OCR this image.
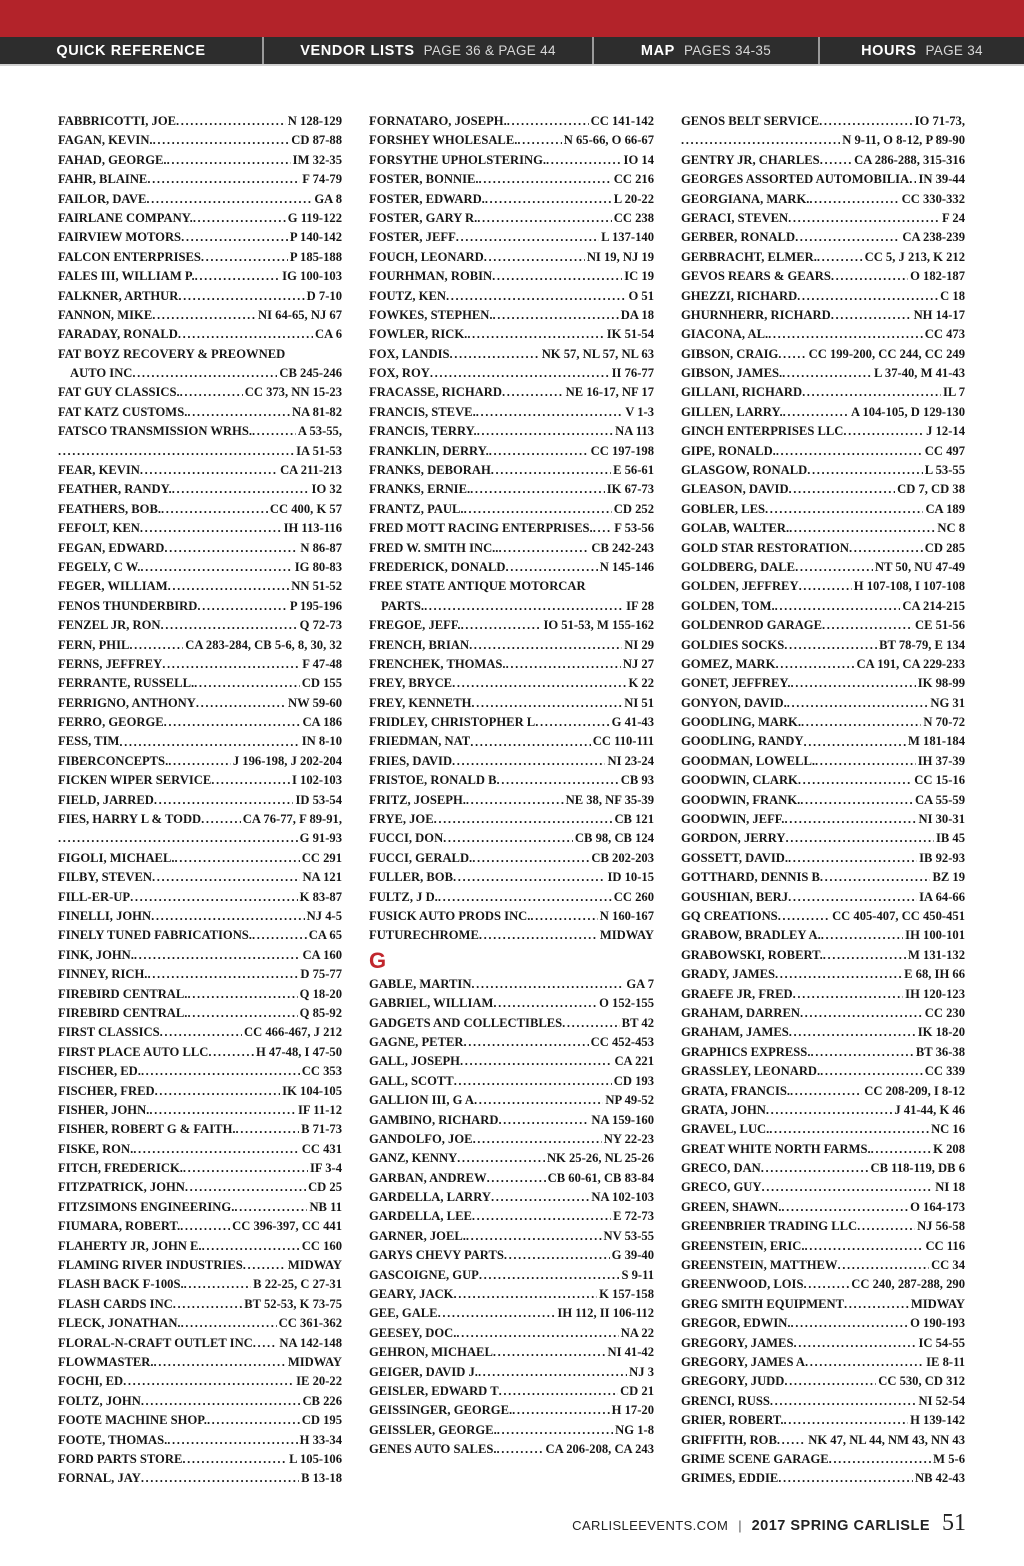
QUICK REFERENCE	VENDOR LISTS PAGE 36 & PAGE 44	MAP PAGES 34-35	HOURS PAGE 34
FABBRICOTTI, JOE .....	N 128-129
FAGAN, KEVIN. .....	CD 87-88
FAHAD, GEORGE. .....	IM 32-35
FAHR, BLAINE .....	F 74-79
FAILOR, DAVE .....	GA 8
FAIRLANE COMPANY. .....	G 119-122
FAIRVIEW MOTORS .....	P 140-142
FALCON ENTERPRISES .....	P 185-188
FALES III, WILLIAM P. .....	IG 100-103
FALKNER, ARTHUR .....	D 7-10
FANNON, MIKE .....	NI 64-65, NJ 67
FARADAY, RONALD .....	CA 6
FAT BOYZ RECOVERY & PREOWNED
AUTO INC .....	CB 245-246
FAT GUY CLASSICS. .....	CC 373, NN 15-23
FAT KATZ CUSTOMS. .....	NA 81-82
FATSCO TRANSMISSION WRHS. .....	A 53-55,
.....
IA 51-53
FEAR, KEVIN .....	CA 211-213
FEATHER, RANDY. .....	IO 32
FEATHERS, BOB. .....	CC 400, K 57
FEFOLT, KEN .....	IH 113-116
FEGAN, EDWARD .....	N 86-87
FEGELY, C W. .....	IG 80-83
FEGER, WILLIAM .....	NN 51-52
FENOS THUNDERBIRD .....	P 195-196
FENZEL JR, RON .....	Q 72-73
FERN, PHIL .....	CA 283-284, CB 5-6, 8, 30, 32
FERNS, JEFFREY .....	F 47-48
FERRANTE, RUSSELL. .....	CD 155
FERRIGNO, ANTHONY .....	NW 59-60
FERRO, GEORGE .....	CA 186
FESS, TIM .....	IN 8-10
FIBERCONCEPTS. .....	J 196-198, J 202-204
FICKEN WIPER SERVICE .....	I 102-103
FIELD, JARRED .....	ID 53-54
FIES, HARRY L & TODD .....	CA 76-77, F 89-91,
.....
G 91-93
FIGOLI, MICHAEL. .....	CC 291
FILBY, STEVEN .....	NA 121
FILL-ER-UP .....	K 83-87
FINELLI, JOHN .....	NJ 4-5
FINELY TUNED FABRICATIONS. .....	CA 65
FINK, JOHN. .....	CA 160
FINNEY, RICH. .....	D 75-77
FIREBIRD CENTRAL. .....	Q 18-20
FIREBIRD CENTRAL. .....	Q 85-92
FIRST CLASSICS .....	CC 466-467, J 212
FIRST PLACE AUTO LLC .....	H 47-48, I 47-50
FISCHER, ED. .....	CC 353
FISCHER, FRED .....	IK 104-105
FISHER, JOHN. .....	IF 11-12
FISHER, ROBERT G & FAITH. .....	B 71-73
FISKE, RON. .....	CC 431
FITCH, FREDERICK. .....	IF 3-4
FITZPATRICK, JOHN .....	CD 25
FITZSIMONS ENGINEERING. .....	NB 11
FIUMARA, ROBERT. .....	CC 396-397, CC 441
FLAHERTY JR, JOHN E. .....	CC 160
FLAMING RIVER INDUSTRIES .....	MIDWAY
FLASH BACK F-100S. .....	B 22-25, C 27-31
FLASH CARDS INC .....	BT 52-53, K 73-75
FLECK, JONATHAN. .....	CC 361-362
FLORAL-N-CRAFT OUTLET INC ..... NA 142-148
FLOWMASTER. .....	MIDWAY
FOCHI, ED .....	IE 20-22
FOLTZ, JOHN .....	CB 226
FOOTE MACHINE SHOP. .....	CD 195
FOOTE, THOMAS. .....	H 33-34
FORD PARTS STORE .....	L 105-106
FORNAL, JAY .....	B 13-18
FORNATARO, JOSEPH. .....	CC 141-142
FORSHEY WHOLESALE. .....	N 65-66, O 66-67
FORSYTHE UPHOLSTERING. .....	IO 14
FOSTER, BONNIE. .....	CC 216
FOSTER, EDWARD. .....	L 20-22
FOSTER, GARY R. .....	CC 238
FOSTER, JEFF .....	L 137-140
FOUCH, LEONARD .....	NI 19, NJ 19
FOURHMAN, ROBIN .....	IC 19
FOUTZ, KEN .....	O 51
FOWKES, STEPHEN. .....	DA 18
FOWLER, RICK. .....	IK 51-54
FOX, LANDIS .....	NK 57, NL 57, NL 63
FOX, ROY .....	II 76-77
FRACASSE, RICHARD .....	NE 16-17, NF 17
FRANCIS, STEVE. .....	V 1-3
FRANCIS, TERRY. .....	NA 113
FRANKLIN, DERRY. .....	CC 197-198
FRANKS, DEBORAH .....	E 56-61
FRANKS, ERNIE. .....	IK 67-73
FRANTZ, PAUL. .....	CD 252
FRED MOTT RACING ENTERPRISES. ..... F 53-56
FRED W. SMITH INC.. .....	CB 242-243
FREDERICK, DONALD .....	N 145-146
FREE STATE ANTIQUE MOTORCAR
PARTS. .....	IF 28
FREGOE, JEFF. .....	IO 51-53, M 155-162
FRENCH, BRIAN .....	NI 29
FRENCHEK, THOMAS. .....	NJ 27
FREY, BRYCE .....	K 22
FREY, KENNETH .....	NI 51
FRIDLEY, CHRISTOPHER L .....	G 41-43
FRIEDMAN, NAT .....	CC 110-111
FRIES, DAVID .....	NI 23-24
FRISTOE, RONALD B .....	CB 93
FRITZ, JOSEPH. .....	NE 38, NF 35-39
FRYE, JOE .....	CB 121
FUCCI, DON .....	CB 98, CB 124
FUCCI, GERALD. .....	CB 202-203
FULLER, BOB .....	ID 10-15
FULTZ, J D. .....	CC 260
FUSICK AUTO PRODS INC. .....	N 160-167
FUTURECHROME .....	MIDWAY
G
GABLE, MARTIN .....	GA 7
GABRIEL, WILLIAM .....	O 152-155
GADGETS AND COLLECTIBLES .....	BT 42
GAGNE, PETER .....	CC 452-453
GALL, JOSEPH .....	CA 221
GALL, SCOTT .....	CD 193
GALLION III, G A .....	NP 49-52
GAMBINO, RICHARD .....	NA 159-160
GANDOLFO, JOE .....	NY 22-23
GANZ, KENNY .....	NK 25-26, NL 25-26
GARBAN, ANDREW .....	CB 60-61, CB 83-84
GARDELLA, LARRY .....	NA 102-103
GARDELLA, LEE .....	E 72-73
GARNER, JOEL. .....	NV 53-55
GARYS CHEVY PARTS .....	G 39-40
GASCOIGNE, GUP .....	S 9-11
GEARY, JACK .....	K 157-158
GEE, GALE .....	IH 112, II 106-112
GEESEY, DOC. .....	NA 22
GEHRON, MICHAEL .....	NI 41-42
GEIGER, DAVID J. .....	NJ 3
GEISLER, EDWARD T .....	CD 21
GEISSINGER, GEORGE. .....	H 17-20
GEISSLER, GEORGE. .....	NG 1-8
GENES AUTO SALES. .....	CA 206-208, CA 243
GENOS BELT SERVICE .....	IO 71-73,
.....
N 9-11, O 8-12, P 89-90
GENTRY JR, CHARLES .....	CA 286-288, 315-316
GEORGES ASSORTED AUTOMOBILIA ..... IN 39-44
GEORGIANA, MARK. .....	CC 330-332
GERACI, STEVEN .....	F 24
GERBER, RONALD .....	CA 238-239
GERBRACHT, ELMER. .....	CC 5, J 213, K 212
GEVOS REARS & GEARS .....	O 182-187
GHEZZI, RICHARD .....	C 18
GHURNHERR, RICHARD .....	NH 14-17
GIACONA, AL. .....	CC 473
GIBSON, CRAIG ..... CC 199-200, CC 244, CC 249
GIBSON, JAMES. .....	L 37-40, M 41-43
GILLANI, RICHARD .....	IL 7
GILLEN, LARRY. .....	A 104-105, D 129-130
GINCH ENTERPRISES LLC .....	J 12-14
GIPE, RONALD. .....	CC 497
GLASGOW, RONALD .....	L 53-55
GLEASON, DAVID .....	CD 7, CD 38
GOBLER, LES .....	CA 189
GOLAB, WALTER. .....	NC 8
GOLD STAR RESTORATION .....	CD 285
GOLDBERG, DALE .....	NT 50, NU 47-49
GOLDEN, JEFFREY .....	H 107-108, I 107-108
GOLDEN, TOM. .....	CA 214-215
GOLDENROD GARAGE .....	CE 51-56
GOLDIES SOCKS .....	BT 78-79, E 134
GOMEZ, MARK .....	CA 191, CA 229-233
GONET, JEFFREY. .....	IK 98-99
GONYON, DAVID. .....	NG 31
GOODLING, MARK. .....	N 70-72
GOODLING, RANDY .....	M 181-184
GOODMAN, LOWELL. .....	IH 37-39
GOODWIN, CLARK .....	CC 15-16
GOODWIN, FRANK. .....	CA 55-59
GOODWIN, JEFF. .....	NI 30-31
GORDON, JERRY .....	IB 45
GOSSETT, DAVID. .....	IB 92-93
GOTTHARD, DENNIS B .....	BZ 19
GOUSHIAN, BERJ .....	IA 64-66
GQ CREATIONS .....	CC 405-407, CC 450-451
GRABOW, BRADLEY A. .....	IH 100-101
GRABOWSKI, ROBERT. .....	M 131-132
GRADY, JAMES .....	E 68, IH 66
GRAEFE JR, FRED .....	IH 120-123
GRAHAM, DARREN .....	CC 230
GRAHAM, JAMES .....	IK 18-20
GRAPHICS EXPRESS. .....	BT 36-38
GRASSLEY, LEONARD. .....	CC 339
GRATA, FRANCIS. .....	CC 208-209, I 8-12
GRATA, JOHN .....	J 41-44, K 46
GRAVEL, LUC. .....	NC 16
GREAT WHITE NORTH FARMS. .....	K 208
GRECO, DAN .....	CB 118-119, DB 6
GRECO, GUY .....	NI 18
GREEN, SHAWN. .....	O 164-173
GREENBRIER TRADING LLC .....	NJ 56-58
GREENSTEIN, ERIC. .....	CC 116
GREENSTEIN, MATTHEW .....	CC 34
GREENWOOD, LOIS .....	CC 240, 287-288, 290
GREG SMITH EQUIPMENT .....	MIDWAY
GREGOR, EDWIN. .....	O 190-193
GREGORY, JAMES .....	IC 54-55
GREGORY, JAMES A .....	IE 8-11
GREGORY, JUDD .....	CC 530, CD 312
GRENCI, RUSS .....	NI 52-54
GRIER, ROBERT. .....	H 139-142
GRIFFITH, ROB ..... NK 47, NL 44, NM 43, NN 43
GRIME SCENE GARAGE .....	M 5-6
GRIMES, EDDIE .....	NB 42-43
CARLISLEEVENTS.COM | 2017 SPRING CARLISLE 51
